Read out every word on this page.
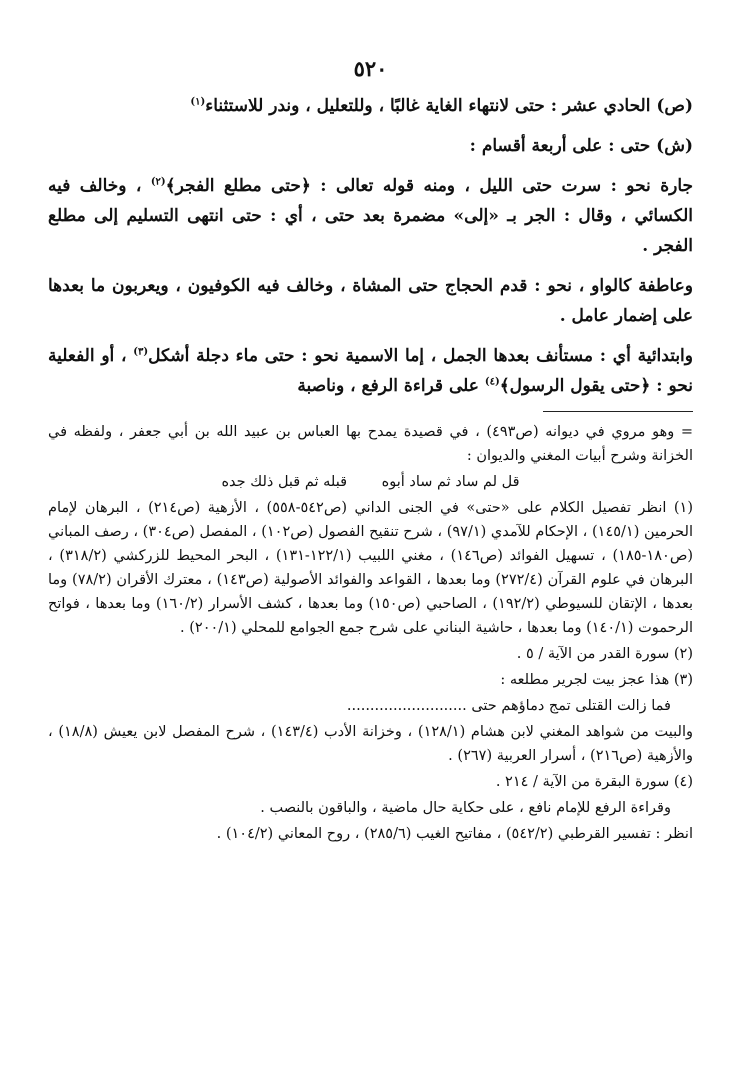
٥٢٠

(ص) الحادي عشر : حتى لانتهاء الغاية غالبًا ، وللتعليل ، وندر للاستثناء$^{(١)}$

(ش) حتى : على أربعة أقسام :

جارة نحو : سرت حتى الليل ، ومنه قوله تعالى : ﴿حتى مطلع الفجر﴾$^{(٢)}$ ، وخالف فيه الكسائي ، وقال : الجر بـ «إلى» مضمرة بعد حتى ، أي : حتى انتهى التسليم إلى مطلع الفجر .

وعاطفة كالواو ، نحو : قدم الحجاج حتى المشاة ، وخالف فيه الكوفيون ، ويعربون ما بعدها على إضمار عامل .

وابتدائية أي : مستأنف بعدها الجمل ، إما الاسمية نحو : حتى ماء دجلة أشكل$^{(٣)}$ ، أو الفعلية نحو : ﴿حتى يقول الرسول﴾$^{(٤)}$ على قراءة الرفع ، وناصبة

= وهو مروي في ديوانه (ص٤٩٣) ، في قصيدة يمدح بها العباس بن عبيد الله بن أبي جعفر ، ولفظه في الخزانة وشرح أبيات المغني والديوان :

قل لم ساد ثم ساد أبوه قبله ثم قبل ذلك جده

(١) انظر تفصيل الكلام على «حتى» في الجنى الداني (ص٥٤٢-٥٥٨) ، الأزهية (ص٢١٤) ، البرهان لإمام الحرمين (١٤٥/١) ، الإحكام للآمدي (٩٧/١) ، شرح تنقيح الفصول (ص١٠٢) ، المفصل (ص٣٠٤) ، رصف المباني (ص١٨٠-١٨٥) ، تسهيل الفوائد (ص١٤٦) ، مغني اللبيب (١٢٢/١-١٣١) ، البحر المحيط للزركشي (٣١٨/٢) ، البرهان في علوم القرآن (٢٧٢/٤) وما بعدها ، القواعد والفوائد الأصولية (ص١٤٣) ، معترك الأقران (٧٨/٢) وما بعدها ، الإتقان للسيوطي (١٩٢/٢) ، الصاحبي (ص١٥٠) وما بعدها ، كشف الأسرار (١٦٠/٢) وما بعدها ، فواتح الرحموت (١٤٠/١) وما بعدها ، حاشية البناني على شرح جمع الجوامع للمحلي (٢٠٠/١) .

(٢) سورة القدر من الآية / ٥ .

(٣) هذا عجز بيت لجرير مطلعه :

فما زالت القتلى تمج دماؤهم حتى ..........................

والبيت من شواهد المغني لابن هشام (١٢٨/١) ، وخزانة الأدب (١٤٣/٤) ، شرح المفصل لابن يعيش (١٨/٨) ، والأزهية (ص٢١٦) ، أسرار العربية (٢٦٧) .

(٤) سورة البقرة من الآية / ٢١٤ .

وقراءة الرفع للإمام نافع ، على حكاية حال ماضية ، والباقون بالنصب .

انظر : تفسير القرطبي (٥٤٢/٢) ، مفاتيح الغيب (٢٨٥/٦) ، روح المعاني (١٠٤/٢) .
